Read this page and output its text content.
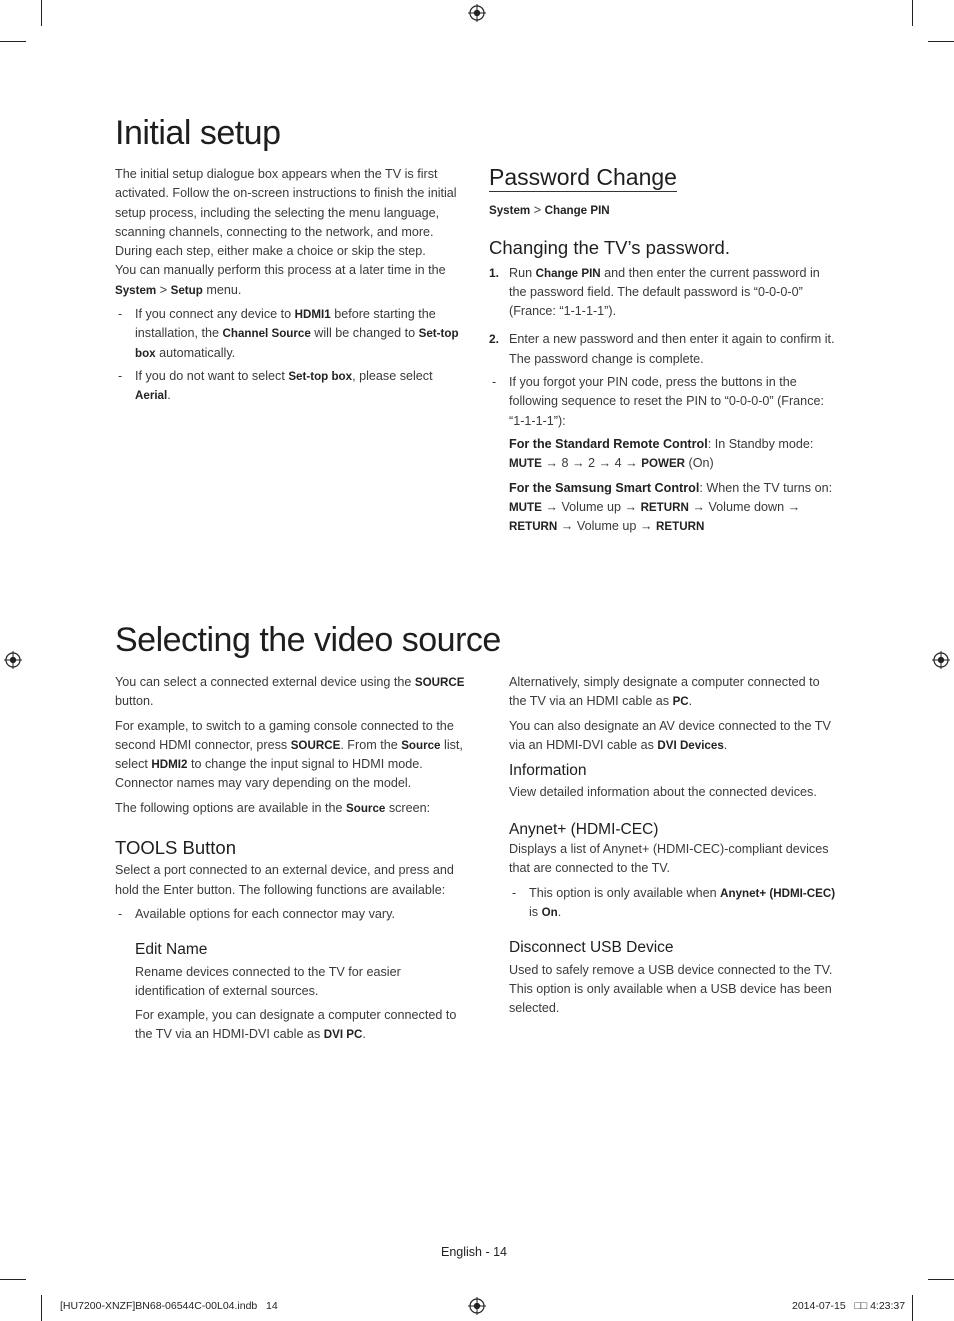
Initial setup

The initial setup dialogue box appears when the TV is first activated. Follow the on-screen instructions to finish the initial setup process, including the selecting the menu language, scanning channels, connecting to the network, and more. During each step, either make a choice or skip the step.

You can manually perform this process at a later time in the System > Setup menu.

- If you connect any device to HDMI1 before starting the installation, the Channel Source will be changed to Set-top box automatically.
- If you do not want to select Set-top box, please select Aerial.
Password Change

System > Change PIN

Changing the TV’s password.
1. Run Change PIN and then enter the current password in the password field. The default password is “0-0-0-0” (France: “1-1-1-1”).
2. Enter a new password and then enter it again to confirm it. The password change is complete.
- If you forgot your PIN code, press the buttons in the following sequence to reset the PIN to “0-0-0-0” (France: “1-1-1-1”):
For the Standard Remote Control: In Standby mode: MUTE → 8 → 2 → 4 → POWER (On)
For the Samsung Smart Control: When the TV turns on: MUTE → Volume up → RETURN → Volume down → RETURN → Volume up → RETURN
Selecting the video source

You can select a connected external device using the SOURCE button.

For example, to switch to a gaming console connected to the second HDMI connector, press SOURCE. From the Source list, select HDMI2 to change the input signal to HDMI mode. Connector names may vary depending on the model.

The following options are available in the Source screen:

TOOLS Button

Select a port connected to an external device, and press and hold the Enter button. The following functions are available:

- Available options for each connector may vary.
Edit Name

Rename devices connected to the TV for easier identification of external sources.

For example, you can designate a computer connected to the TV via an HDMI-DVI cable as DVI PC.

Alternatively, simply designate a computer connected to the TV via an HDMI cable as PC.

You can also designate an AV device connected to the TV via an HDMI-DVI cable as DVI Devices.

Information

View detailed information about the connected devices.

Anynet+ (HDMI-CEC)

Displays a list of Anynet+ (HDMI-CEC)-compliant devices that are connected to the TV.

- This option is only available when Anynet+ (HDMI-CEC) is On.
Disconnect USB Device

Used to safely remove a USB device connected to the TV. This option is only available when a USB device has been selected.

English - 14
[HU7200-XNZF]BN68-06544C-00L04.indb   14	2014-07-15   □□ 4:23:37
